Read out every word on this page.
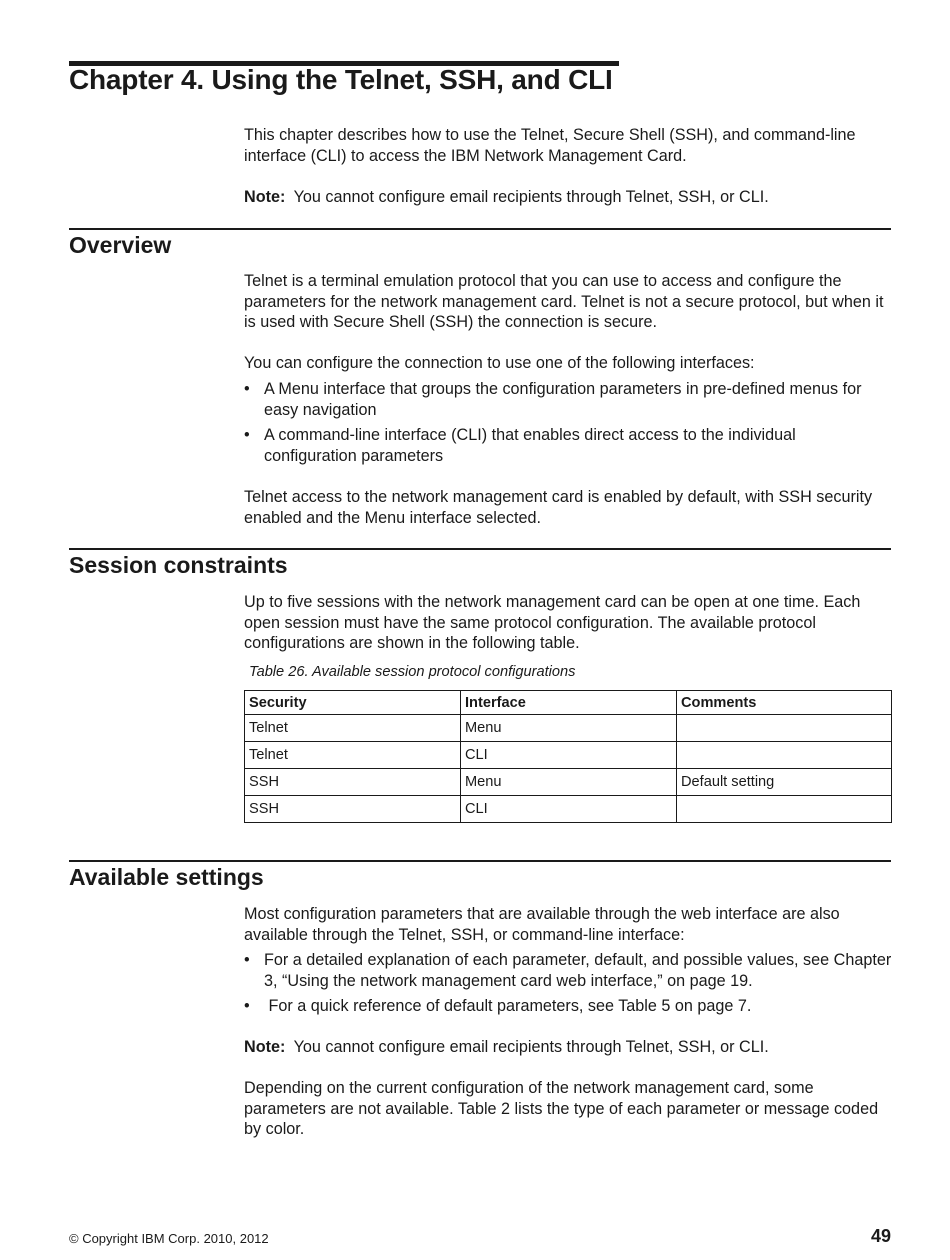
Chapter 4. Using the Telnet, SSH, and CLI

This chapter describes how to use the Telnet, Secure Shell (SSH), and command-line interface (CLI) to access the IBM Network Management Card.

Note: You cannot configure email recipients through Telnet, SSH, or CLI.

Overview

Telnet is a terminal emulation protocol that you can use to access and configure the parameters for the network management card. Telnet is not a secure protocol, but when it is used with Secure Shell (SSH) the connection is secure.

You can configure the connection to use one of the following interfaces:

• A Menu interface that groups the configuration parameters in pre-defined menus for easy navigation
• A command-line interface (CLI) that enables direct access to the individual configuration parameters

Telnet access to the network management card is enabled by default, with SSH security enabled and the Menu interface selected.

Session constraints

Up to five sessions with the network management card can be open at one time. Each open session must have the same protocol configuration. The available protocol configurations are shown in the following table.

Table 26. Available session protocol configurations

Security	Interface	Comments
Telnet	Menu	
Telnet	CLI	
SSH	Menu	Default setting
SSH	CLI	
Available settings

Most configuration parameters that are available through the web interface are also available through the Telnet, SSH, or command-line interface:

• For a detailed explanation of each parameter, default, and possible values, see Chapter 3, “Using the network management card web interface,” on page 19.
• For a quick reference of default parameters, see Table 5 on page 7.

Note: You cannot configure email recipients through Telnet, SSH, or CLI.

Depending on the current configuration of the network management card, some parameters are not available. Table 2 lists the type of each parameter or message coded by color.

© Copyright IBM Corp. 2010, 2012	49
